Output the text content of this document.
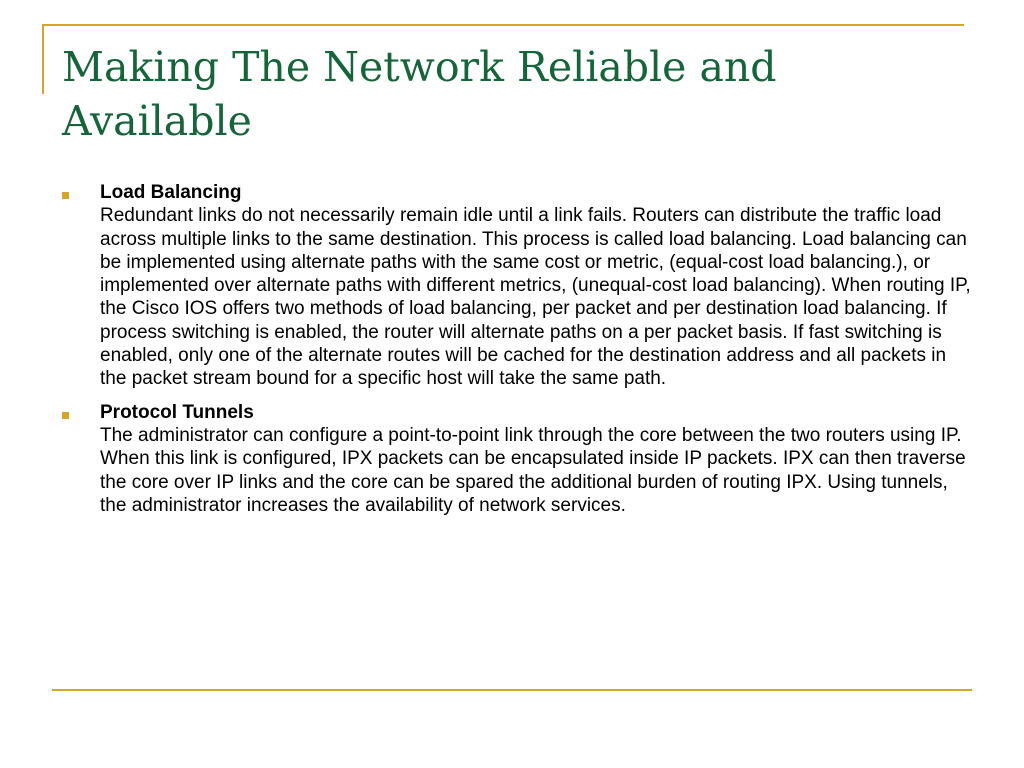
Making The Network Reliable and Available
Load Balancing
Redundant links do not necessarily remain idle until a link fails. Routers can distribute the traffic load across multiple links to the same destination. This process is called load balancing. Load balancing can be implemented using alternate paths with the same cost or metric, (equal-cost load balancing.), or implemented over alternate paths with different metrics, (unequal-cost load balancing). When routing IP, the Cisco IOS offers two methods of load balancing, per packet and per destination load balancing. If process switching is enabled, the router will alternate paths on a per packet basis. If fast switching is enabled, only one of the alternate routes will be cached for the destination address and all packets in the packet stream bound for a specific host will take the same path.
Protocol Tunnels
The administrator can configure a point-to-point link through the core between the two routers using IP. When this link is configured, IPX packets can be encapsulated inside IP packets. IPX can then traverse the core over IP links and the core can be spared the additional burden of routing IPX. Using tunnels, the administrator increases the availability of network services.
